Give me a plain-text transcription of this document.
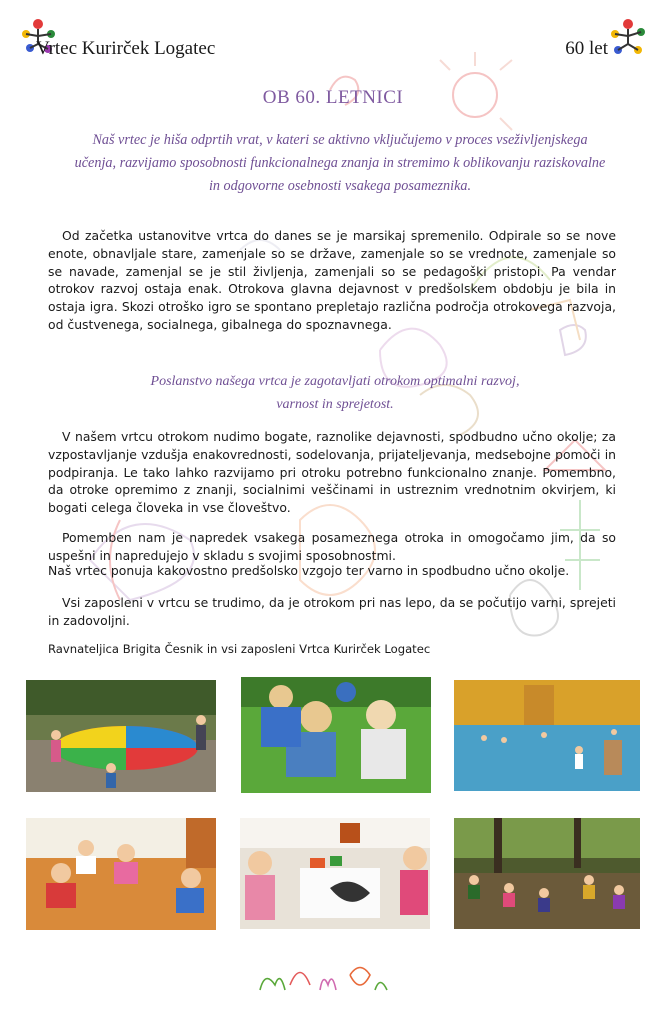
Vrtec Kurirček Logatec	60 let
OB 60. LETNICI
Naš vrtec je hiša odprtih vrat, v kateri se aktivno vključujemo v proces vseživljenjskega učenja, razvijamo sposobnosti funkcionalnega znanja in stremimo k oblikovanju raziskovalne in odgovorne osebnosti vsakega posameznika.

Od začetka ustanovitve vrtca do danes se je marsikaj spremenilo. Odpirale so se nove enote, obnavljale stare, zamenjale so se države, zamenjale so se vrednote, zamenjale so se navade, zamenjal se je stil življenja, zamenjali so se pedagoški pristopi. Pa vendar otrokov razvoj ostaja enak. Otrokova glavna dejavnost v predšolskem obdobju je bila in ostaja igra. Skozi otroško igro se spontano prepletajo različna področja otrokovega razvoja, od čustvenega, socialnega, gibalnega do spoznavnega.

Poslanstvo našega vrtca je zagotavljati otrokom optimalni razvoj,
varnost in sprejetost.

V našem vrtcu otrokom nudimo bogate, raznolike dejavnosti, spodbudno učno okolje; za vzpostavljanje vzdušja enakovrednosti, sodelovanja, prijateljevanja, medsebojne pomoči in podpiranja. Le tako lahko razvijamo pri otroku potrebno funkcionalno znanje. Pomembno, da otroke opremimo z znanji, socialnimi veščinami in ustreznim vrednotnim okvirjem, ki bogati celega človeka in vse človeštvo.

Pomemben nam je napredek vsakega posameznega otroka in omogočamo jim, da so uspešni in napredujejo v skladu s svojimi sposobnostmi.

Naš vrtec ponuja kakovostno predšolsko vzgojo ter varno in spodbudno učno okolje.

Vsi zaposleni v vrtcu se trudimo, da je otrokom pri nas lepo, da se počutijo varni, sprejeti in zadovoljni.

Ravnateljica Brigita Česnik in vsi zaposleni Vrtca Kurirček Logatec
